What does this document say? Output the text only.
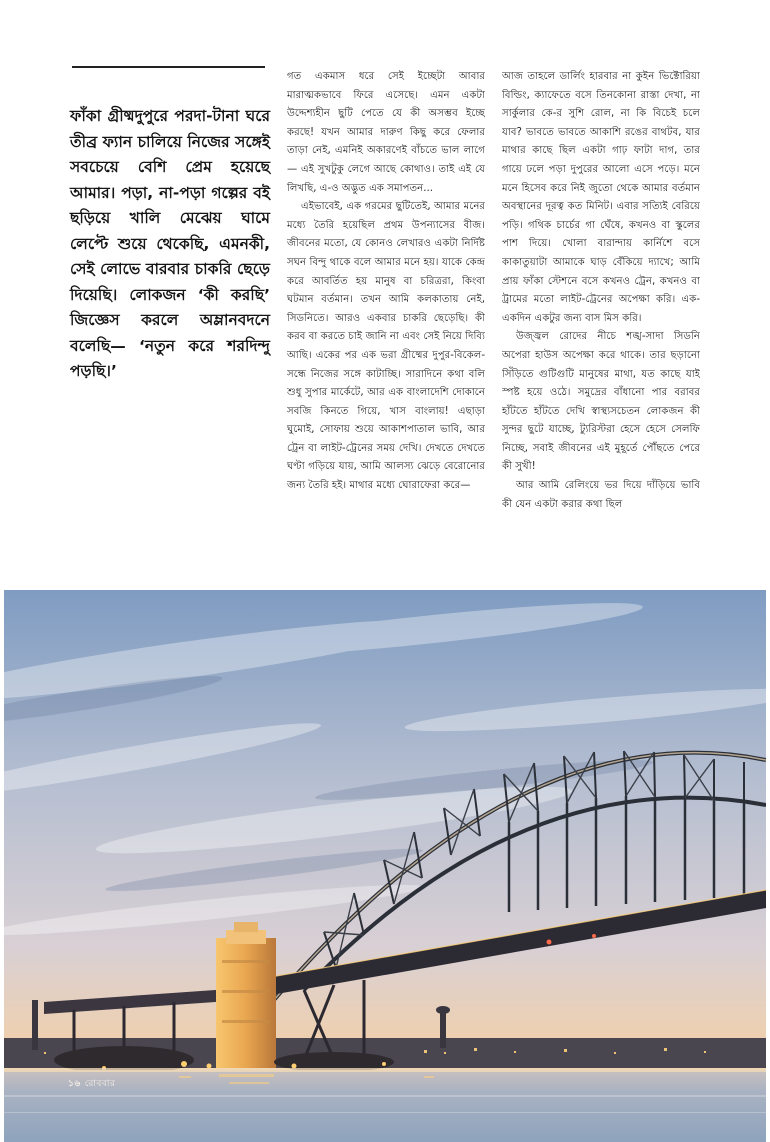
ফাঁকা গ্রীষ্মদুপুরে পরদা-টানা ঘরে তীব্র ফ্যান চালিয়ে নিজের সঙ্গেই সবচেয়ে বেশি প্রেম হয়েছে আমার। পড়া, না-পড়া গল্পের বই ছড়িয়ে খালি মেঝেয় ঘামে লেপ্টে শুয়ে থেকেছি, এমনকী, সেই লোভে বারবার চাকরি ছেড়ে দিয়েছি। লোকজন ‘কী করছি’ জিজ্ঞেস করলে অম্লানবদনে বলেছি— ‘নতুন করে শরদিন্দু পড়ছি।’

গত একমাস ধরে সেই ইচ্ছেটা আবার মারাত্মকভাবে ফিরে এসেছে। এমন একটা উদ্দেশ্যহীন ছুটি পেতে যে কী অসম্ভব ইচ্ছে করছে! যখন আমার দারুণ কিছু করে ফেলার তাড়া নেই, এমনিই অকারণেই বাঁচতে ভাল লাগে— এই সুখটুকু লেগে আছে কোথাও। তাই এই যে লিখছি, এ-ও অদ্ভুত এক সমাপতন...

এইভাবেই, এক গরমের ছুটিতেই, আমার মনের মধ্যে তৈরি হয়েছিল প্রথম উপন্যাসের বীজ। জীবনের মতো, যে কোনও লেখারও একটা নির্দিষ্ট সঘন বিন্দু থাকে বলে আমার মনে হয়। যাকে কেন্দ্র করে আবর্তিত হয় মানুষ বা চরিত্ররা, কিংবা ঘটমান বর্তমান। তখন আমি কলকাতায় নেই, সিডনিতে। আরও একবার চাকরি ছেড়েছি। কী করব বা করতে চাই জানি না এবং সেই নিয়ে দিব্যি আছি। একের পর এক ভরা গ্রীষ্মের দুপুর-বিকেল-সন্ধে নিজের সঙ্গে কাটাচ্ছি। সারাদিনে কথা বলি শুধু সুপার মার্কেটে, আর এক বাংলাদেশি দোকানে সবজি কিনতে গিয়ে, খাস বাংলায়! এছাড়া ঘুমোই, সোফায় শুয়ে আকাশপাতাল ভাবি, আর ট্রেন বা লাইট-ট্রেনের সময় দেখি। দেখতে দেখতে ঘণ্টা গড়িয়ে যায়, আমি আলস্য ঝেড়ে বেরোনোর জন্য তৈরি হই। মাথার মধ্যে ঘোরাফেরা করে—

আজ তাহলে ডার্লিং হারবার না কুইন ভিক্টোরিয়া বিল্ডিং, ক্যাফেতে বসে তিনকোনা রাস্তা দেখা, না সার্কুলার কে-র সুশি রোল, না কি বিচেই চলে যাব? ভাবতে ভাবতে আকাশি রঙের বাথটব, যার মাথার কাছে ছিল একটা গাঢ় ফাটা দাগ, তার গায়ে ঢলে পড়া দুপুরের আলো এসে পড়ে। মনে মনে হিসেব করে নিই জুতো থেকে আমার বর্তমান অবস্থানের দূরত্ব কত মিনিট। এবার সত্যিই বেরিয়ে পড়ি। গথিক চার্চের গা ঘেঁষে, কখনও বা স্কুলের পাশ দিয়ে। খোলা বারান্দায় কার্নিশে বসে কাকাতুয়াটা আমাকে ঘাড় বেঁকিয়ে দ্যাখে; আমি প্রায় ফাঁকা স্টেশনে বসে কখনও ট্রেন, কখনও বা ট্রামের মতো লাইট-ট্রেনের অপেক্ষা করি। এক-একদিন একটুর জন্য বাস মিস করি।

উজ্জ্বল রোদের নীচে শঙ্খ-সাদা সিডনি অপেরা হাউস অপেক্ষা করে থাকে। তার ছড়ানো সিঁড়িতে গুটিগুটি মানুষের মাথা, যত কাছে যাই স্পষ্ট হয়ে ওঠে। সমুদ্রের বাঁধানো পার বরাবর হাঁটতে হাঁটতে দেখি স্বাস্থ্যসচেতন লোকজন কী সুন্দর ছুটে যাচ্ছে, ট্যুরিস্টরা হেসে হেসে সেলফি নিচ্ছে, সবাই জীবনের এই মুহূর্তে পৌঁছতে পেরে কী সুখী!

আর আমি রেলিংয়ে ভর দিয়ে দাঁড়িয়ে ভাবি কী যেন একটা করার কথা ছিল

১৬ রোববার
